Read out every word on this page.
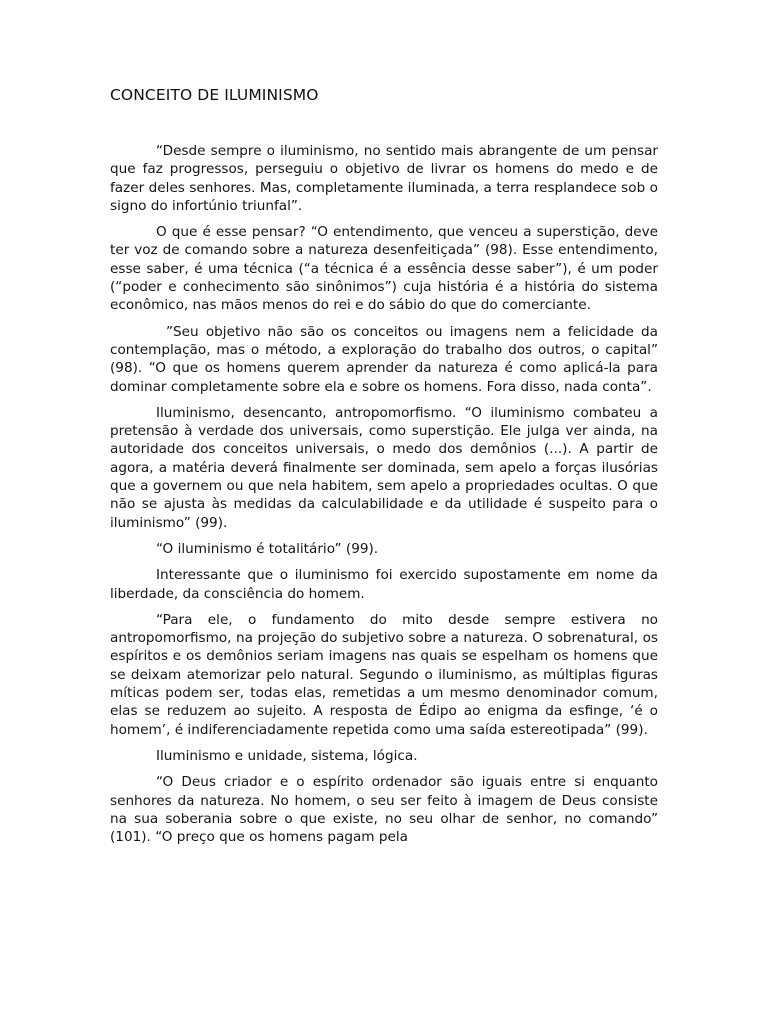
CONCEITO DE ILUMINISMO

“Desde sempre o iluminismo, no sentido mais abrangente de um pensar que faz progressos, perseguiu o objetivo de livrar os homens do medo e de fazer deles senhores. Mas, completamente iluminada, a terra resplandece sob o signo do infortúnio triunfal”.

O que é esse pensar? “O entendimento, que venceu a superstição, deve ter voz de comando sobre a natureza desenfeitiçada” (98). Esse entendimento, esse saber, é uma técnica (“a técnica é a essência desse saber”), é um poder (“poder e conhecimento são sinônimos”) cuja história é a história do sistema econômico, nas mãos menos do rei e do sábio do que do comerciante.

”Seu objetivo não são os conceitos ou imagens nem a felicidade da contemplação, mas o método, a exploração do trabalho dos outros, o capital” (98). “O que os homens querem aprender da natureza é como aplicá-la para dominar completamente sobre ela e sobre os homens. Fora disso, nada conta”.

Iluminismo, desencanto, antropomorfismo. “O iluminismo combateu a pretensão à verdade dos universais, como superstição. Ele julga ver ainda, na autoridade dos conceitos universais, o medo dos demônios (...). A partir de agora, a matéria deverá finalmente ser dominada, sem apelo a forças ilusórias que a governem ou que nela habitem, sem apelo a propriedades ocultas. O que não se ajusta às medidas da calculabilidade e da utilidade é suspeito para o iluminismo” (99).

“O iluminismo é totalitário” (99).

Interessante que o iluminismo foi exercido supostamente em nome da liberdade, da consciência do homem.

“Para ele, o fundamento do mito desde sempre estivera no antropomorfismo, na projeção do subjetivo sobre a natureza. O sobrenatural, os espíritos e os demônios seriam imagens nas quais se espelham os homens que se deixam atemorizar pelo natural. Segundo o iluminismo, as múltiplas figuras míticas podem ser, todas elas, remetidas a um mesmo denominador comum, elas se reduzem ao sujeito. A resposta de Édipo ao enigma da esfinge, ‘é o homem’, é indiferenciadamente repetida como uma saída estereotipada” (99).

Iluminismo e unidade, sistema, lógica.

“O Deus criador e o espírito ordenador são iguais entre si enquanto senhores da natureza. No homem, o seu ser feito à imagem de Deus consiste na sua soberania sobre o que existe, no seu olhar de senhor, no comando” (101). “O preço que os homens pagam pela
